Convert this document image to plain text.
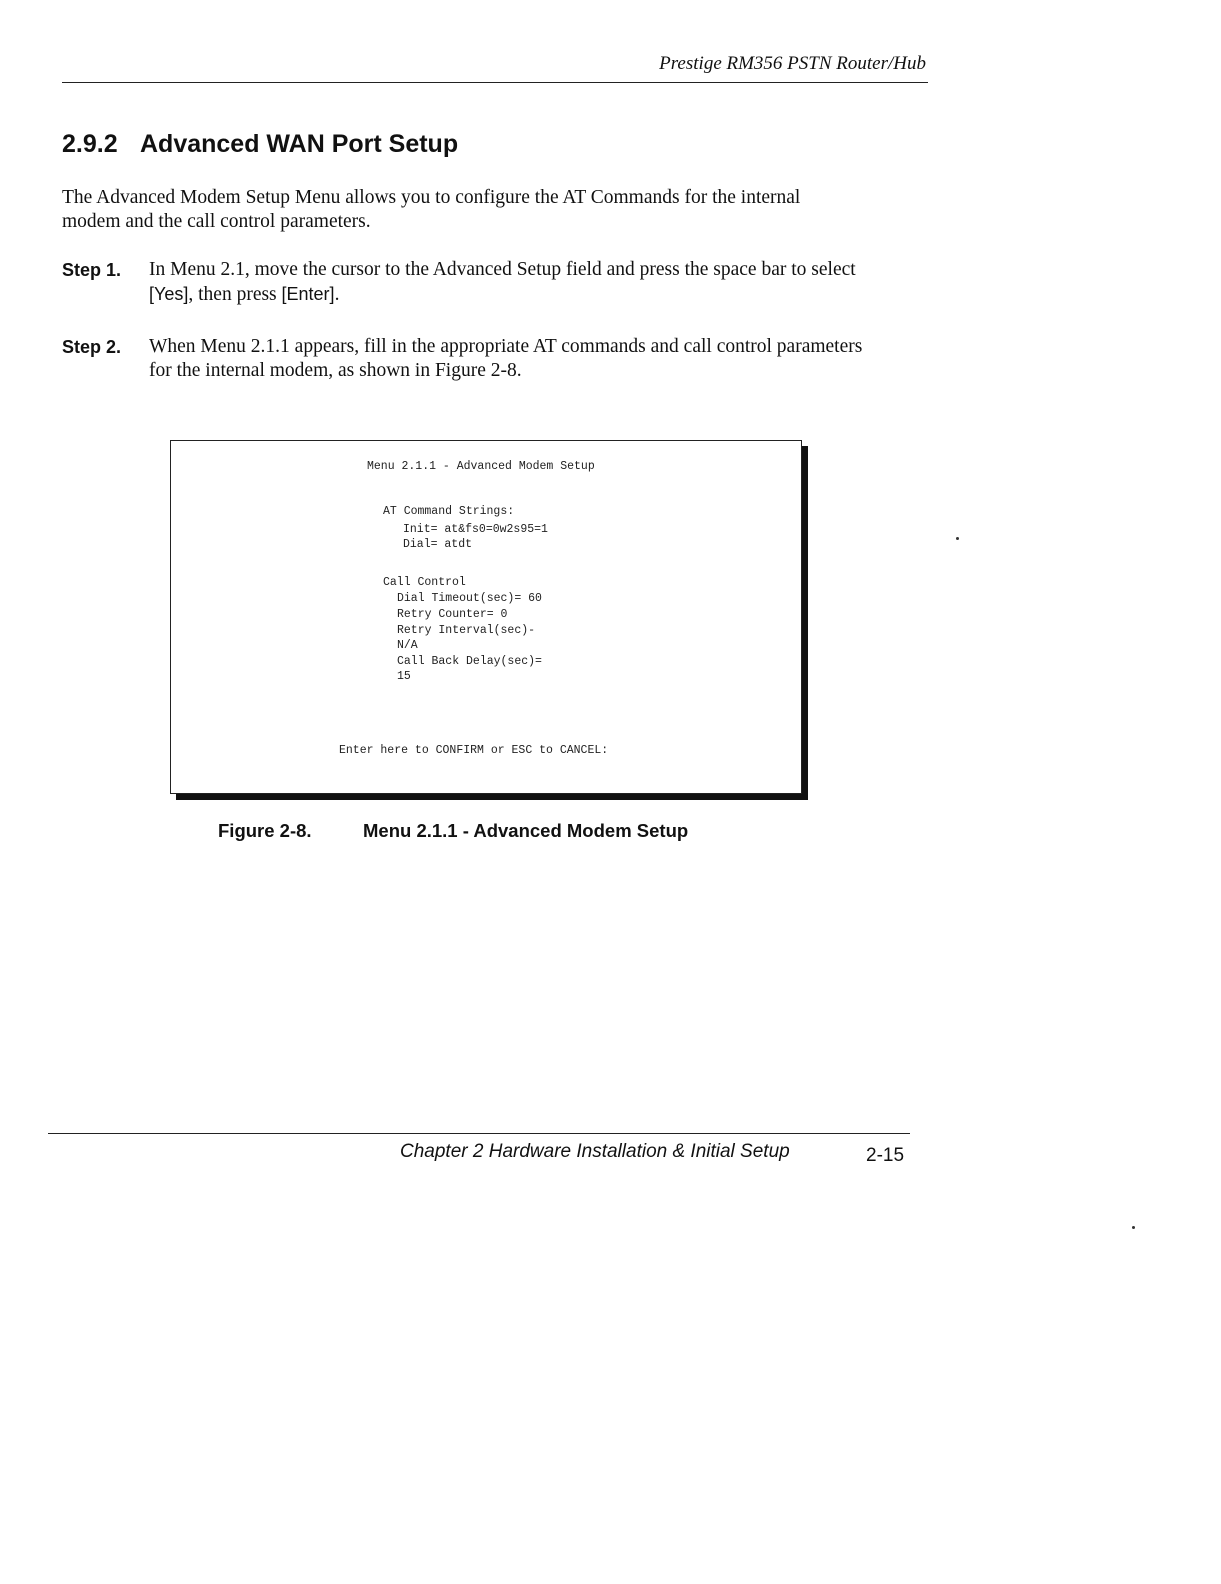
Prestige RM356 PSTN Router/Hub
2.9.2 Advanced WAN Port Setup

The Advanced Modem Setup Menu allows you to configure the AT Commands for the internal modem and the call control parameters.

Step 1. In Menu 2.1, move the cursor to the Advanced Setup field and press the space bar to select [Yes], then press [Enter].
Step 2. When Menu 2.1.1 appears, fill in the appropriate AT commands and call control parameters for the internal modem, as shown in Figure 2-8.
Menu 2.1.1 - Advanced Modem Setup
AT Command Strings:
Init= at&fs0=0w2s95=1
Dial= atdt
Call Control
Dial Timeout(sec)= 60
Retry Counter= 0
Retry Interval(sec)-
N/A
Call Back Delay(sec)=
15
Enter here to CONFIRM or ESC to CANCEL:
Figure 2-8.	Menu 2.1.1 - Advanced Modem Setup
Chapter 2 Hardware Installation & Initial Setup	2-15
